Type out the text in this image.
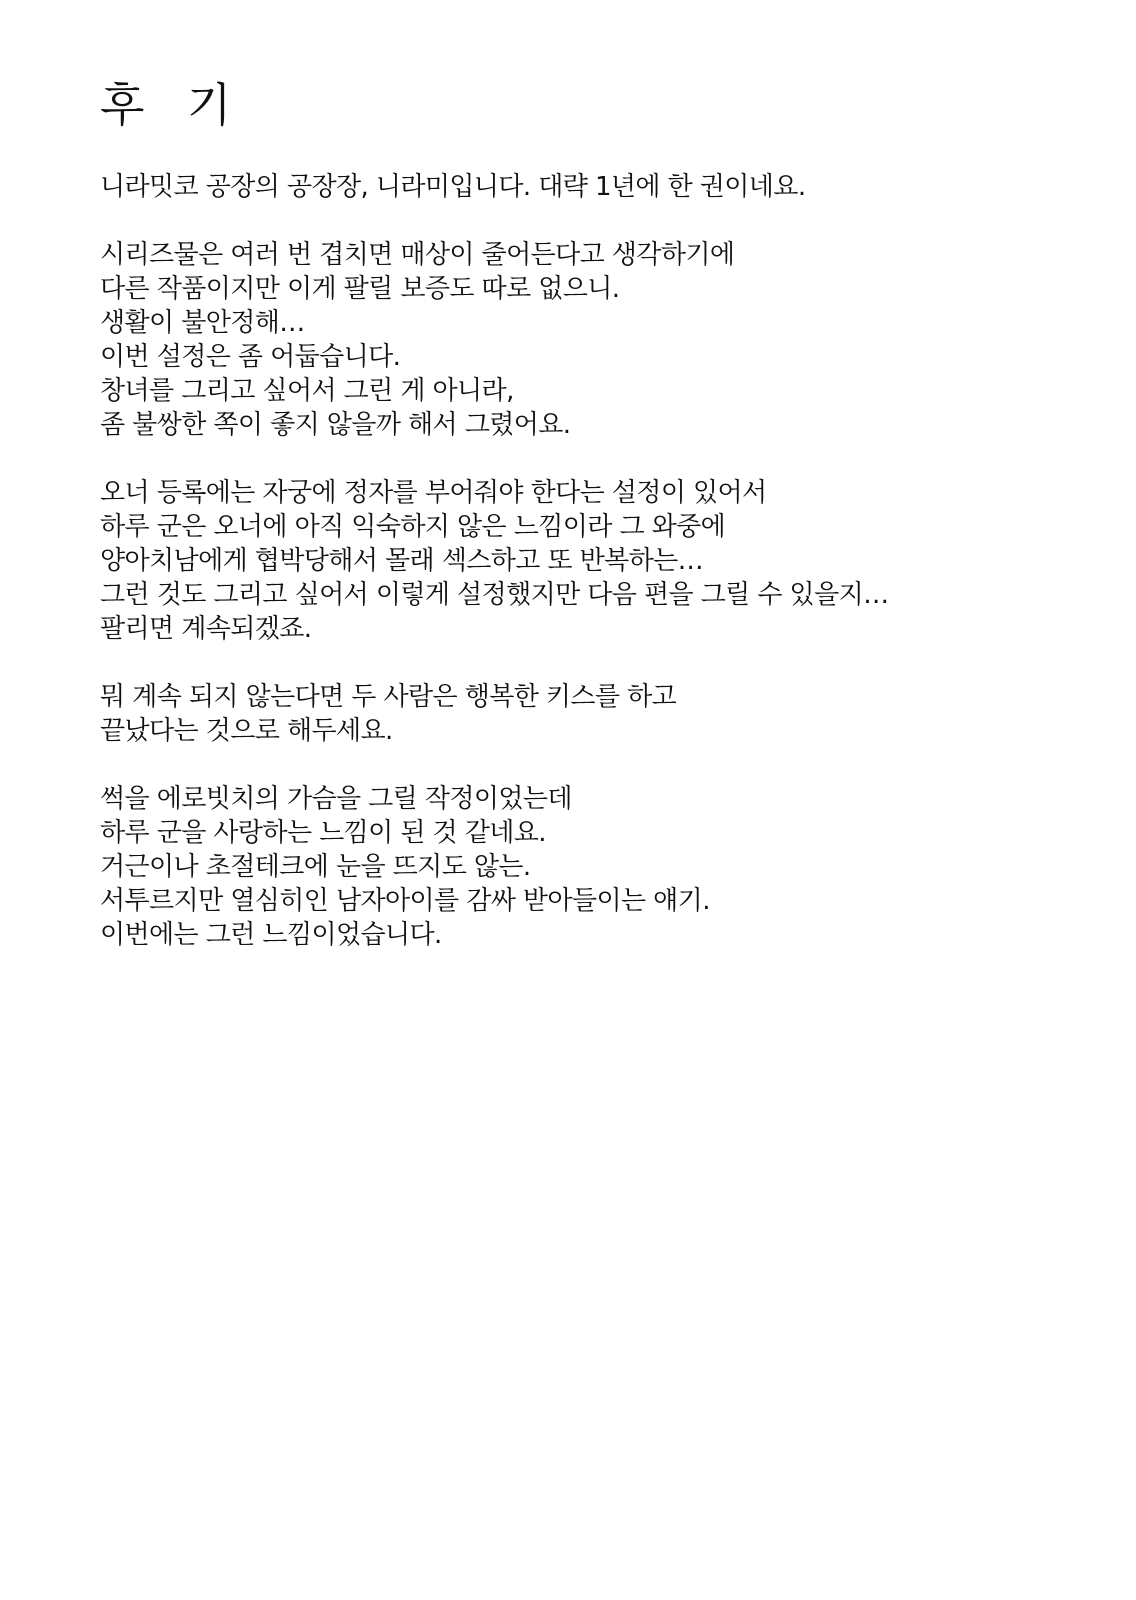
후 기
니라밋코 공장의 공장장, 니라미입니다. 대략 1년에 한 권이네요.
시리즈물은 여러 번 겹치면 매상이 줄어든다고 생각하기에
다른 작품이지만 이게 팔릴 보증도 따로 없으니.
생활이 불안정해…
이번 설정은 좀 어둡습니다.
창녀를 그리고 싶어서 그린 게 아니라,
좀 불쌍한 쪽이 좋지 않을까 해서 그렸어요.
오너 등록에는 자궁에 정자를 부어줘야 한다는 설정이 있어서
하루 군은 오너에 아직 익숙하지 않은 느낌이라 그 와중에
양아치남에게 협박당해서 몰래 섹스하고 또 반복하는…
그런 것도 그리고 싶어서 이렇게 설정했지만 다음 편을 그릴 수 있을지…
팔리면 계속되겠죠.
뭐 계속 되지 않는다면 두 사람은 행복한 키스를 하고
끝났다는 것으로 해두세요.
썩을 에로빗치의 가슴을 그릴 작정이었는데
하루 군을 사랑하는 느낌이 된 것 같네요.
거근이나 초절테크에 눈을 뜨지도 않는.
서투르지만 열심히인 남자아이를 감싸 받아들이는 얘기.
이번에는 그런 느낌이었습니다.
